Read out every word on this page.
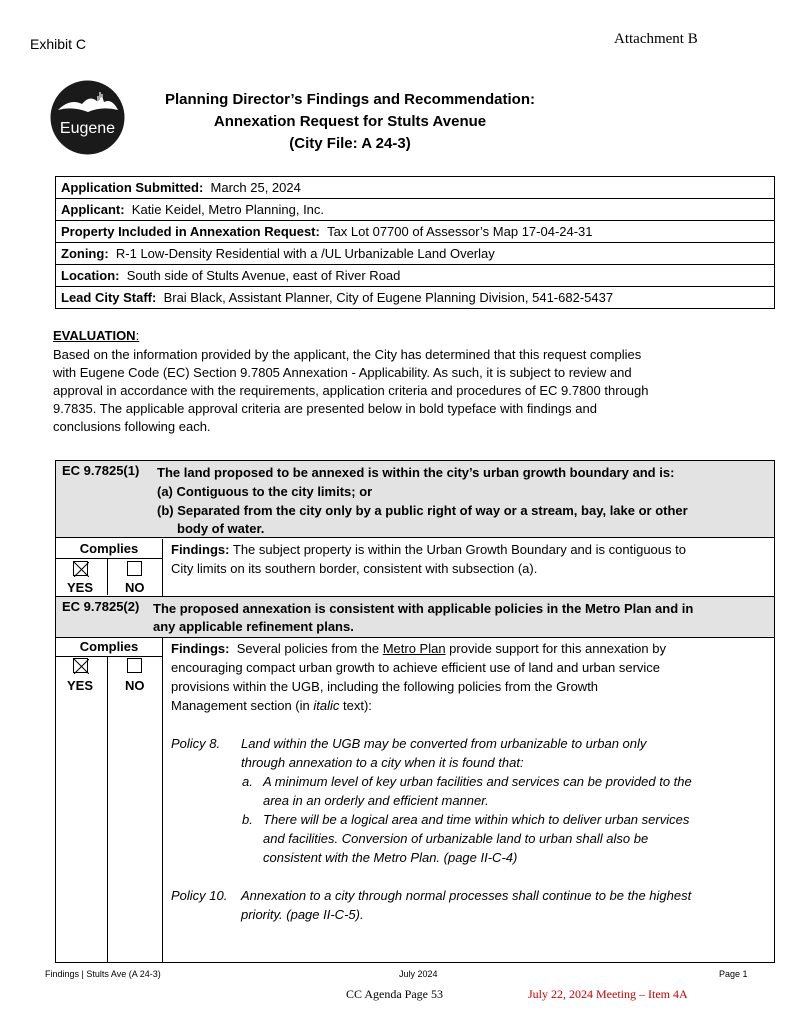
Exhibit C	Attachment B
Eugene
Planning Director’s Findings and Recommendation:
Annexation Request for Stults Avenue
(City File: A 24-3)
Application Submitted: March 25, 2024
Applicant: Katie Keidel, Metro Planning, Inc.
Property Included in Annexation Request: Tax Lot 07700 of Assessor’s Map 17-04-24-31
Zoning: R-1 Low-Density Residential with a /UL Urbanizable Land Overlay
Location: South side of Stults Avenue, east of River Road
Lead City Staff: Brai Black, Assistant Planner, City of Eugene Planning Division, 541-682-5437
EVALUATION:
Based on the information provided by the applicant, the City has determined that this request complies
with Eugene Code (EC) Section 9.7805 Annexation - Applicability. As such, it is subject to review and
approval in accordance with the requirements, application criteria and procedures of EC 9.7800 through
9.7835. The applicable approval criteria are presented below in bold typeface with findings and
conclusions following each.
EC 9.7825(1) The land proposed to be annexed is within the city’s urban growth boundary and is:
(a) Contiguous to the city limits; or
(b) Separated from the city only by a public right of way or a stream, bay, lake or other
body of water.
Complies
YES NO
Findings: The subject property is within the Urban Growth Boundary and is contiguous to
City limits on its southern border, consistent with subsection (a).
EC 9.7825(2) The proposed annexation is consistent with applicable policies in the Metro Plan and in
any applicable refinement plans.
Complies
YES NO
Findings: Several policies from the Metro Plan provide support for this annexation by
encouraging compact urban growth to achieve efficient use of land and urban service
provisions within the UGB, including the following policies from the Growth
Management section (in italic text):
Policy 8. Land within the UGB may be converted from urbanizable to urban only
through annexation to a city when it is found that:
a. A minimum level of key urban facilities and services can be provided to the
area in an orderly and efficient manner.
b. There will be a logical area and time within which to deliver urban services
and facilities. Conversion of urbanizable land to urban shall also be
consistent with the Metro Plan. (page II-C-4)
Policy 10. Annexation to a city through normal processes shall continue to be the highest
priority. (page II-C-5).
Findings | Stults Ave (A 24-3)	July 2024	Page 1
CC Agenda Page 53	July 22, 2024 Meeting – Item 4A
